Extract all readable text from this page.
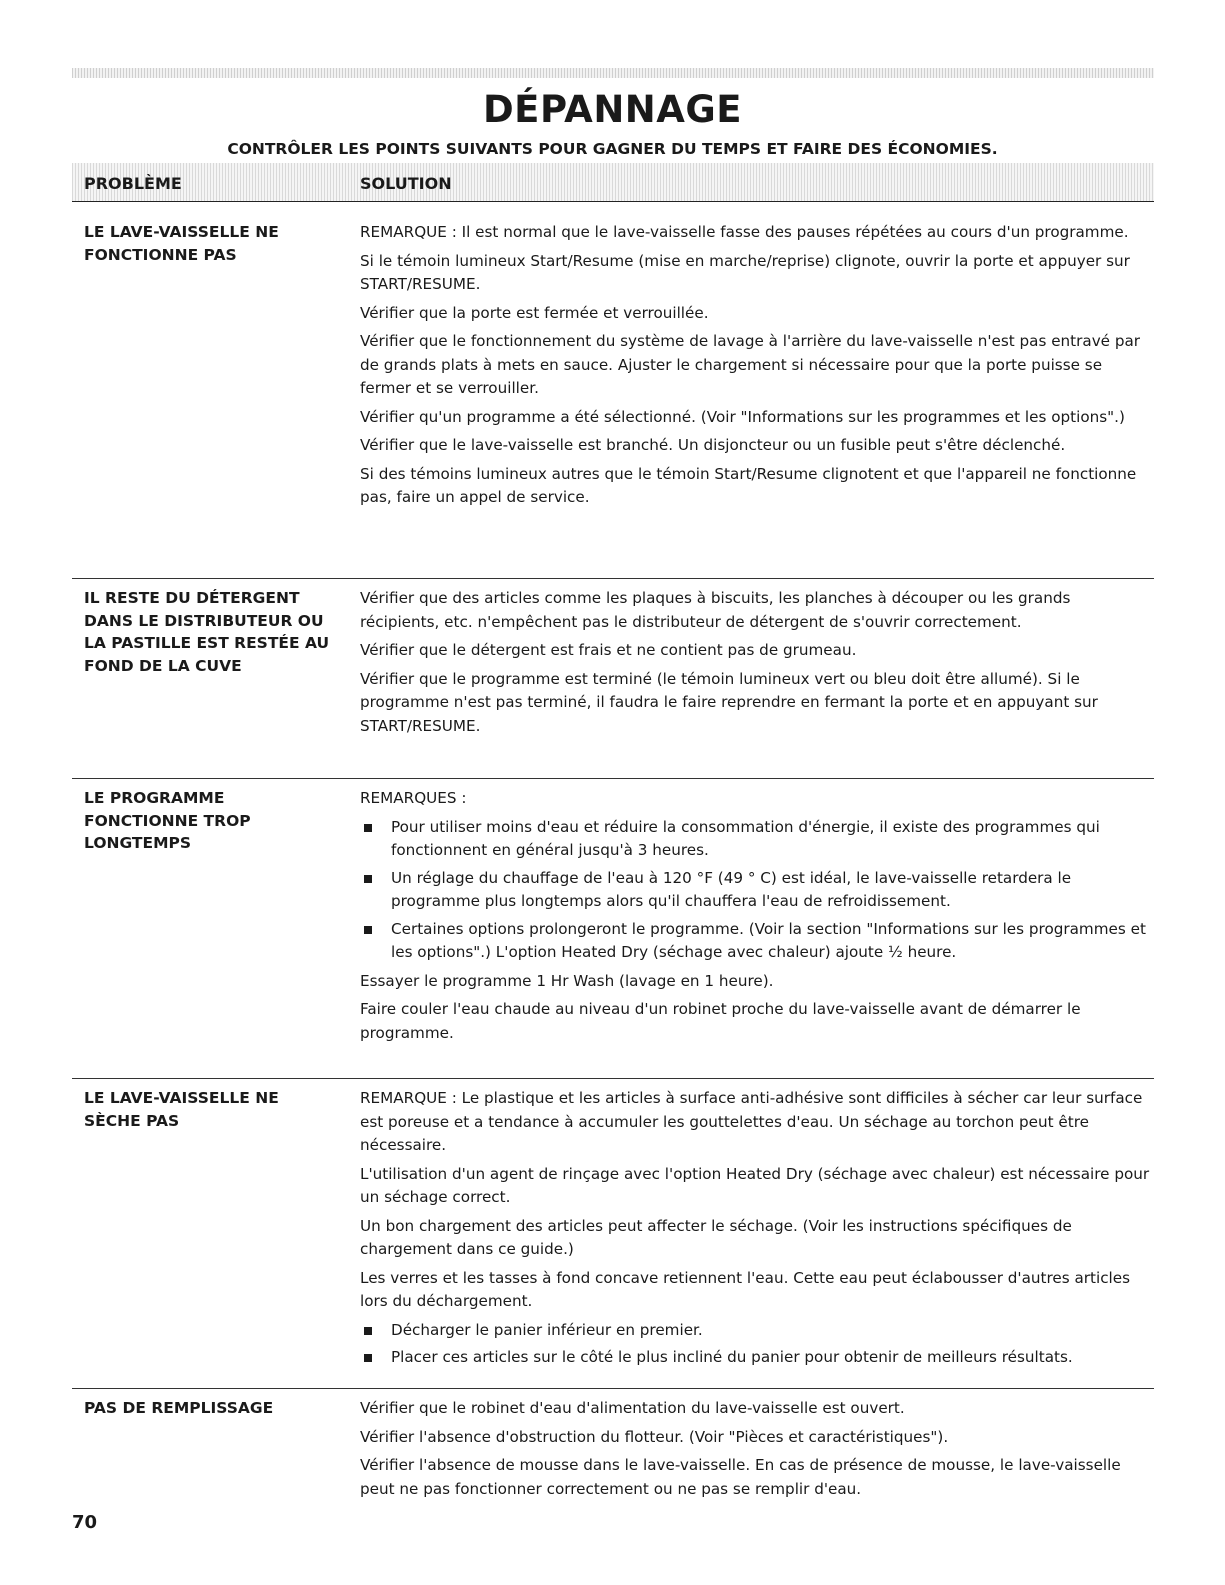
DÉPANNAGE
CONTRÔLER LES POINTS SUIVANTS POUR GAGNER DU TEMPS ET FAIRE DES ÉCONOMIES.
PROBLÈME	SOLUTION
LE LAVE-VAISSELLE NE
FONCTIONNE PAS

REMARQUE : Il est normal que le lave-vaisselle fasse des pauses répétées au cours d'un programme.

Si le témoin lumineux Start/Resume (mise en marche/reprise) clignote, ouvrir la porte et appuyer sur START/RESUME.

Vérifier que la porte est fermée et verrouillée.

Vérifier que le fonctionnement du système de lavage à l'arrière du lave-vaisselle n'est pas entravé par de grands plats à mets en sauce. Ajuster le chargement si nécessaire pour que la porte puisse se fermer et se verrouiller.

Vérifier qu'un programme a été sélectionné. (Voir "Informations sur les programmes et les options".)

Vérifier que le lave-vaisselle est branché. Un disjoncteur ou un fusible peut s'être déclenché.

Si des témoins lumineux autres que le témoin Start/Resume clignotent et que l'appareil ne fonctionne pas, faire un appel de service.

IL RESTE DU DÉTERGENT
DANS LE DISTRIBUTEUR OU
LA PASTILLE EST RESTÉE AU
FOND DE LA CUVE

Vérifier que des articles comme les plaques à biscuits, les planches à découper ou les grands récipients, etc. n'empêchent pas le distributeur de détergent de s'ouvrir correctement.

Vérifier que le détergent est frais et ne contient pas de grumeau.

Vérifier que le programme est terminé (le témoin lumineux vert ou bleu doit être allumé). Si le programme n'est pas terminé, il faudra le faire reprendre en fermant la porte et en appuyant sur START/RESUME.

LE PROGRAMME
FONCTIONNE TROP
LONGTEMPS

REMARQUES :

Pour utiliser moins d'eau et réduire la consommation d'énergie, il existe des programmes qui fonctionnent en général jusqu'à 3 heures.
Un réglage du chauffage de l'eau à 120 °F (49 ° C) est idéal, le lave-vaisselle retardera le programme plus longtemps alors qu'il chauffera l'eau de refroidissement.
Certaines options prolongeront le programme. (Voir la section "Informations sur les programmes et les options".) L'option Heated Dry (séchage avec chaleur) ajoute ½ heure.

Essayer le programme 1 Hr Wash (lavage en 1 heure).

Faire couler l'eau chaude au niveau d'un robinet proche du lave-vaisselle avant de démarrer le programme.

LE LAVE-VAISSELLE NE
SÈCHE PAS

REMARQUE : Le plastique et les articles à surface anti-adhésive sont difficiles à sécher car leur surface est poreuse et a tendance à accumuler les gouttelettes d'eau. Un séchage au torchon peut être nécessaire.

L'utilisation d'un agent de rinçage avec l'option Heated Dry (séchage avec chaleur) est nécessaire pour un séchage correct.

Un bon chargement des articles peut affecter le séchage. (Voir les instructions spécifiques de chargement dans ce guide.)

Les verres et les tasses à fond concave retiennent l'eau. Cette eau peut éclabousser d'autres articles lors du déchargement.

Décharger le panier inférieur en premier.
Placer ces articles sur le côté le plus incliné du panier pour obtenir de meilleurs résultats.
PAS DE REMPLISSAGE	Vérifier que le robinet d'eau d'alimentation du lave-vaisselle est ouvert.

Vérifier l'absence d'obstruction du flotteur. (Voir "Pièces et caractéristiques").

Vérifier l'absence de mousse dans le lave-vaisselle. En cas de présence de mousse, le lave-vaisselle peut ne pas fonctionner correctement ou ne pas se remplir d'eau.

70
